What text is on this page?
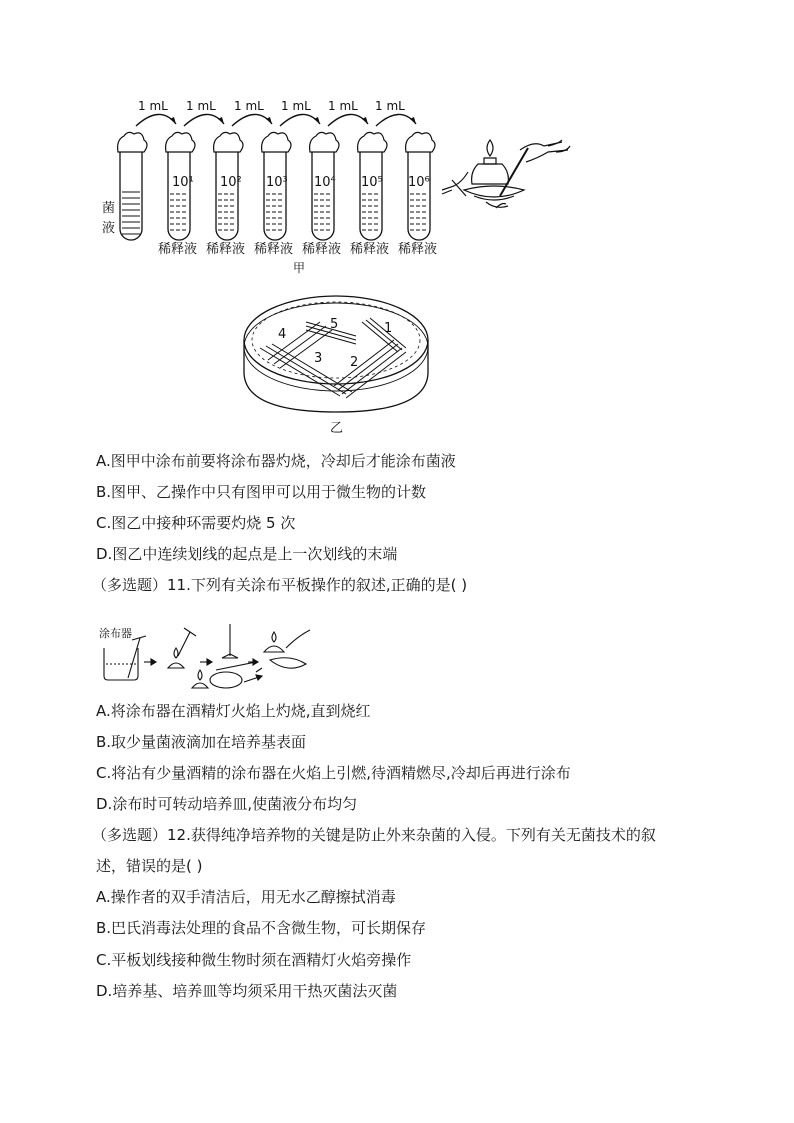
1 mL 1 mL 1 mL 1 mL 1 mL 1 mL
10¹ 10² 10³ 10⁴ 10⁵ 10⁶
菌
液
稀释液 稀释液 稀释液 稀释液 稀释液 稀释液
甲
1
2
3
4
5
乙
A.图甲中涂布前要将涂布器灼烧，冷却后才能涂布菌液
B.图甲、乙操作中只有图甲可以用于微生物的计数
C.图乙中接种环需要灼烧 5 次
D.图乙中连续划线的起点是上一次划线的末端
（多选题）11.下列有关涂布平板操作的叙述,正确的是( )
涂布器
A.将涂布器在酒精灯火焰上灼烧,直到烧红
B.取少量菌液滴加在培养基表面
C.将沾有少量酒精的涂布器在火焰上引燃,待酒精燃尽,冷却后再进行涂布
D.涂布时可转动培养皿,使菌液分布均匀
（多选题）12.获得纯净培养物的关键是防止外来杂菌的入侵。下列有关无菌技术的叙
述，错误的是( )
A.操作者的双手清洁后，用无水乙醇擦拭消毒
B.巴氏消毒法处理的食品不含微生物，可长期保存
C.平板划线接种微生物时须在酒精灯火焰旁操作
D.培养基、培养皿等均须采用干热灭菌法灭菌
